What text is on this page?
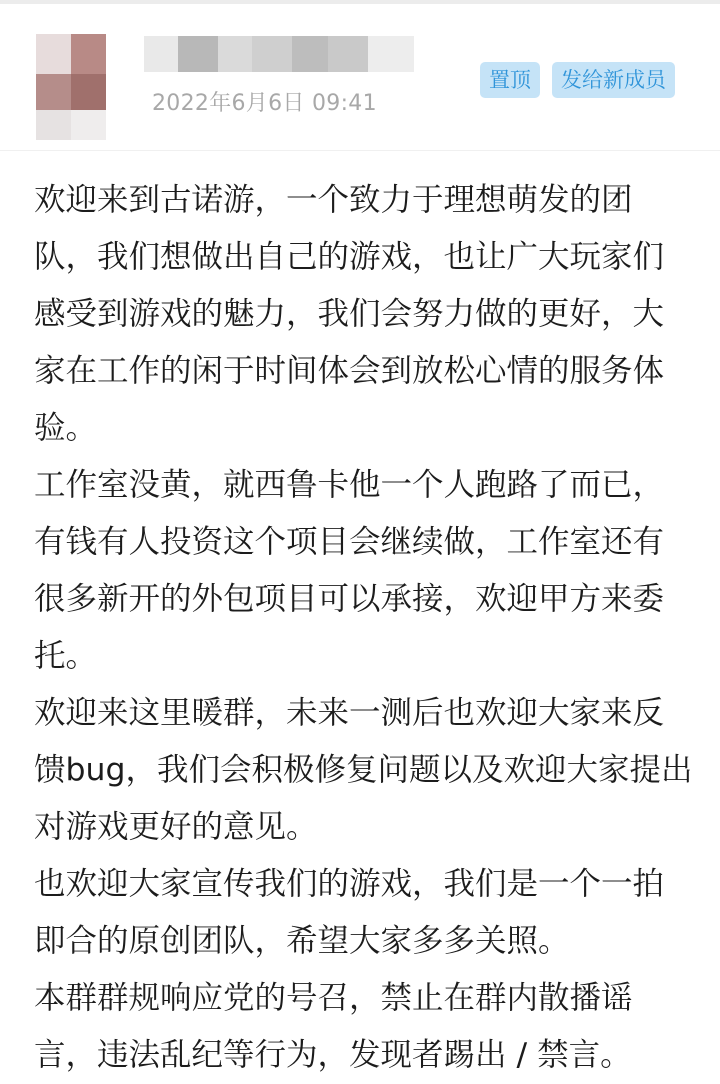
2022年6月6日 09:41
置顶	发给新成员

欢迎来到古诺游，一个致力于理想萌发的团队，我们想做出自己的游戏，也让广大玩家们感受到游戏的魅力，我们会努力做的更好，大家在工作的闲于时间体会到放松心情的服务体验。

工作室没黄，就西鲁卡他一个人跑路了而已，有钱有人投资这个项目会继续做，工作室还有很多新开的外包项目可以承接，欢迎甲方来委托。

欢迎来这里暖群，未来一测后也欢迎大家来反馈bug，我们会积极修复问题以及欢迎大家提出对游戏更好的意见。

也欢迎大家宣传我们的游戏，我们是一个一拍即合的原创团队，希望大家多多关照。

本群群规响应党的号召，禁止在群内散播谣言，违法乱纪等行为，发现者踢出 / 禁言。
